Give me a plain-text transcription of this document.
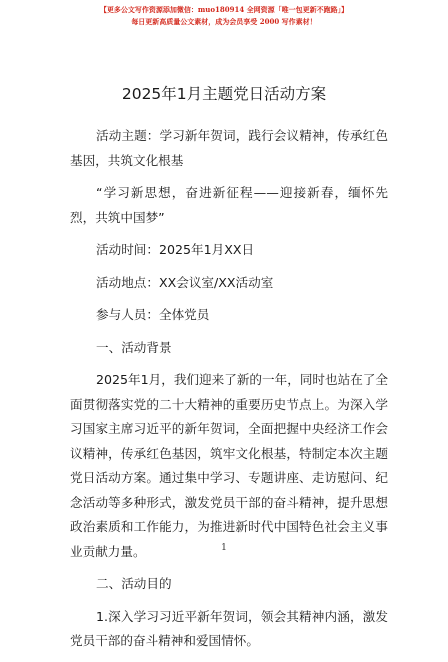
【更多公文写作资源添加微信：muo180914 全网资源「唯一包更新不跑路」】
每日更新高质量公文素材，成为会员享受 2000 写作素材！
2025年1月主题党日活动方案

活动主题：学习新年贺词，践行会议精神，传承红色基因，共筑文化根基

“学习新思想，奋进新征程——迎接新春，缅怀先烈，共筑中国梦”

活动时间：2025年1月XX日

活动地点：XX会议室/XX活动室

参与人员：全体党员

一、活动背景

2025年1月，我们迎来了新的一年，同时也站在了全面贯彻落实党的二十大精神的重要历史节点上。为深入学习国家主席习近平的新年贺词，全面把握中央经济工作会议精神，传承红色基因，筑牢文化根基，特制定本次主题党日活动方案。通过集中学习、专题讲座、走访慰问、纪念活动等多种形式，激发党员干部的奋斗精神，提升思想政治素质和工作能力，为推进新时代中国特色社会主义事业贡献力量。

二、活动目的

1.深入学习习近平新年贺词，领会其精神内涵，激发党员干部的奋斗精神和爱国情怀。

1
